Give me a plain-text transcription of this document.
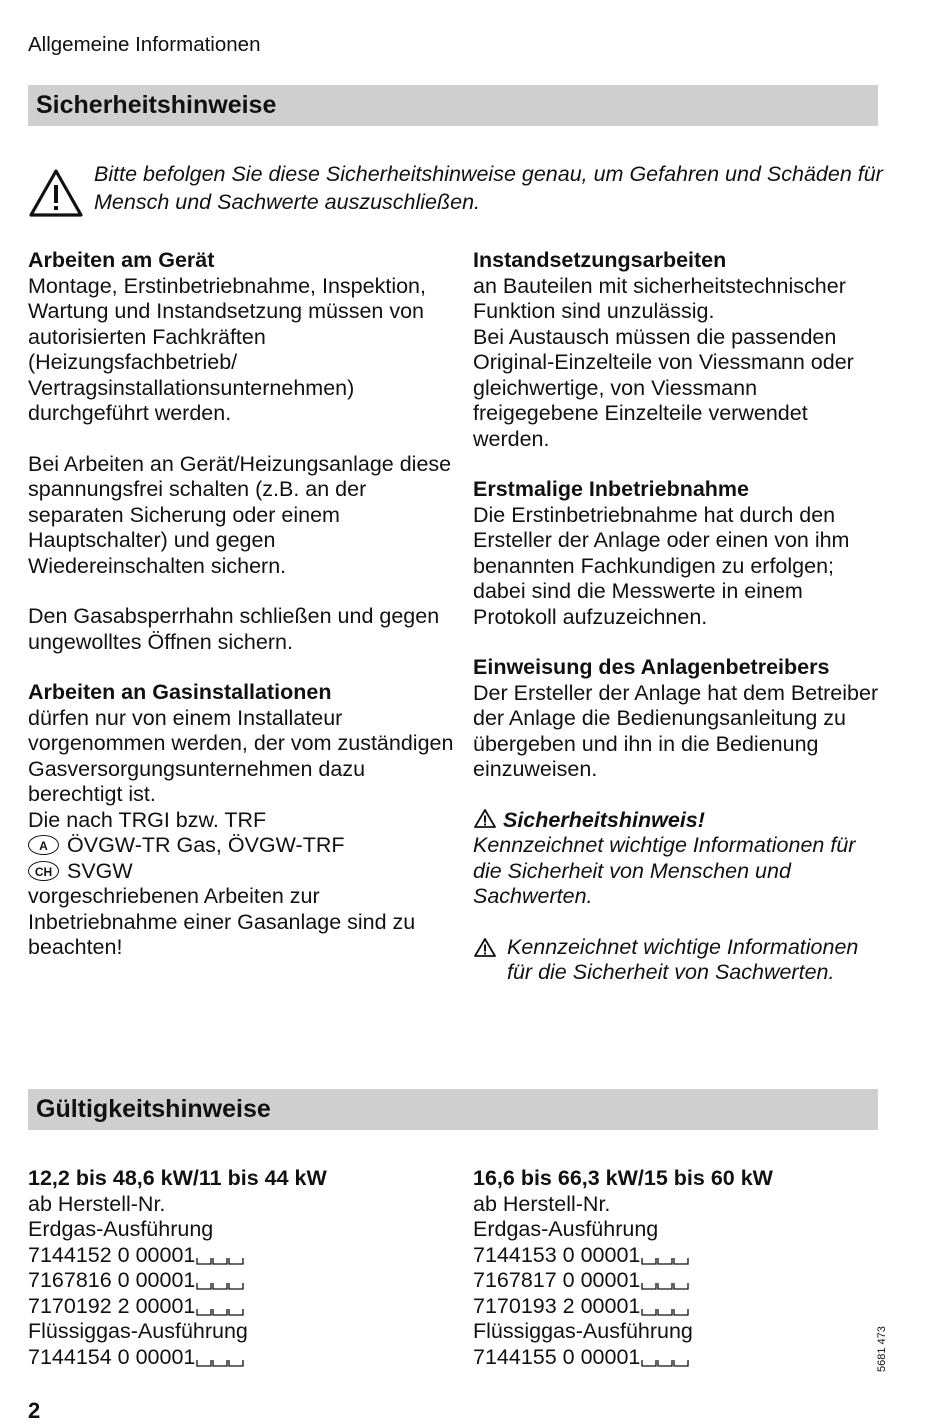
Allgemeine Informationen
Sicherheitshinweise
Bitte befolgen Sie diese Sicherheitshinweise genau, um Gefahren und Schäden für Mensch und Sachwerte auszuschließen.

Arbeiten am Gerät
Montage, Erstinbetriebnahme, Inspektion, Wartung und Instandsetzung müssen von autorisierten Fachkräften (Heizungsfachbetrieb/ Vertragsinstallationsunternehmen) durchgeführt werden.

Bei Arbeiten an Gerät/Heizungsanlage diese spannungsfrei schalten (z.B. an der separaten Sicherung oder einem Hauptschalter) und gegen Wiedereinschalten sichern.

Den Gasabsperrhahn schließen und gegen ungewolltes Öffnen sichern.

Arbeiten an Gasinstallationen
dürfen nur von einem Installateur vorgenommen werden, der vom zuständigen Gasversorgungsunternehmen dazu berechtigt ist.
Die nach TRGI bzw. TRF
A ÖVGW-TR Gas, ÖVGW-TRF
CH SVGW
vorgeschriebenen Arbeiten zur Inbetriebnahme einer Gasanlage sind zu beachten!

Instandsetzungsarbeiten
an Bauteilen mit sicherheitstechnischer Funktion sind unzulässig.
Bei Austausch müssen die passenden Original-Einzelteile von Viessmann oder gleichwertige, von Viessmann freigegebene Einzelteile verwendet werden.

Erstmalige Inbetriebnahme
Die Erstinbetriebnahme hat durch den Ersteller der Anlage oder einen von ihm benannten Fachkundigen zu erfolgen; dabei sind die Messwerte in einem Protokoll aufzuzeichnen.

Einweisung des Anlagenbetreibers
Der Ersteller der Anlage hat dem Betreiber der Anlage die Bedienungsanleitung zu übergeben und ihn in die Bedienung einzuweisen.

Sicherheitshinweis!
Kennzeichnet wichtige Informationen für die Sicherheit von Menschen und Sachwerten.

Kennzeichnet wichtige Informationen für die Sicherheit von Sachwerten.

Gültigkeitshinweise
12,2 bis 48,6 kW/11 bis 44 kW
ab Herstell-Nr.
Erdgas-Ausführung
7144152 0 00001
7167816 0 00001
7170192 2 00001
Flüssiggas-Ausführung
7144154 0 00001
16,6 bis 66,3 kW/15 bis 60 kW
ab Herstell-Nr.
Erdgas-Ausführung
7144153 0 00001
7167817 0 00001
7170193 2 00001
Flüssiggas-Ausführung
7144155 0 00001	5681 473
2
